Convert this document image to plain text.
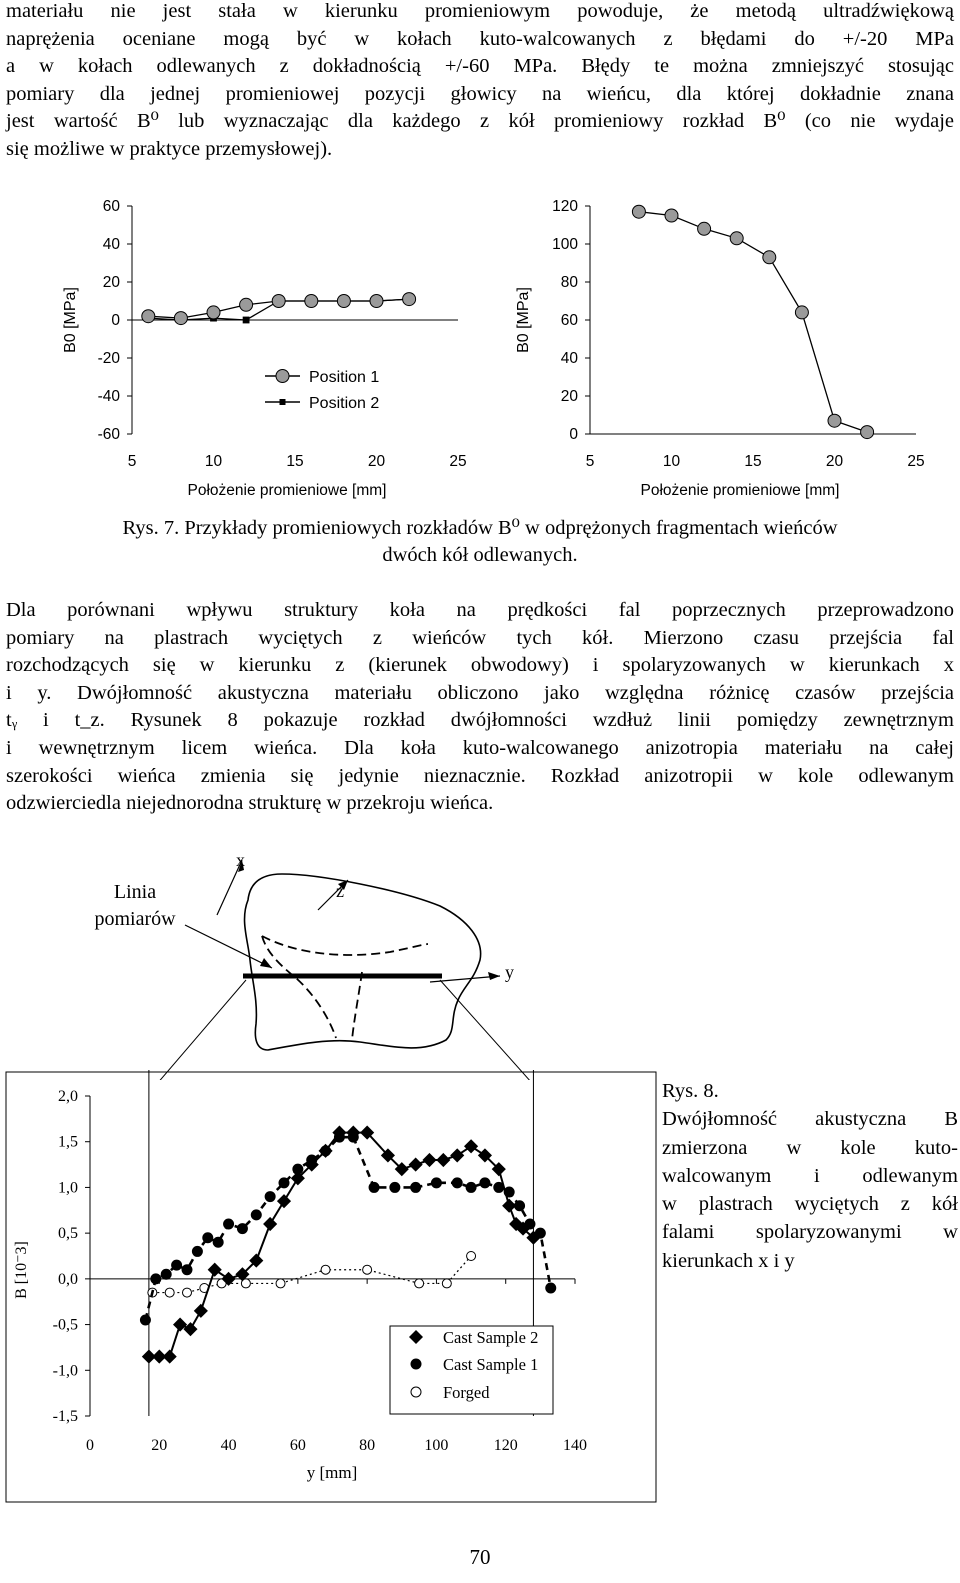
materiału nie jest stała w kierunku promieniowym powoduje, że metodą ultradźwiękową
naprężenia oceniane mogą być w kołach kuto-walcowanych z błędami do +/-20 MPa
a w kołach odlewanych z dokładnością +/-60 MPa. Błędy te można zmniejszyć stosując
pomiary dla jednej promieniowej pozycji głowicy na wieńcu, dla której dokładnie znana
jest wartość B⁰ lub wyznaczając dla każdego z kół promieniowy rozkład B⁰ (co nie wydaje
się możliwe w praktyce przemysłowej).
60
40
20
0
-20
-40
-60
5	10	15	20	25
B0 [MPa]
Położenie promieniowe [mm]
Position 1
Position 2
120
100
80
60
40
20
0
5	10	15	20	25
B0 [MPa]
Położenie promieniowe [mm]
Rys. 7. Przykłady promieniowych rozkładów B⁰ w odprężonych fragmentach wieńców
dwóch kół odlewanych.
Dla porównani wpływu struktury koła na prędkości fal poprzecznych przeprowadzono
pomiary na plastrach wyciętych z wieńców tych kół. Mierzono czasu przejścia fal
rozchodzących się w kierunku z (kierunek obwodowy) i spolaryzowanych w kierunkach x
i y. Dwójłomność akustyczna materiału obliczono jako względna różnicę czasów przejścia
tᵧ i t_z. Rysunek 8 pokazuje rozkład dwójłomności wzdłuż linii pomiędzy zewnętrznym
i wewnętrznym licem wieńca. Dla koła kuto-walcowanego anizotropia materiału na całej
szerokości wieńca zmienia się jedynie nieznacznie. Rozkład anizotropii w kole odlewanym
odzwierciedla niejednorodna strukturę w przekroju wieńca.
Linia
pomiarów
x
z
y
2,0
1,5
1,0
0,5
0,0
-0,5
-1,0
-1,5
0	20	40	60	80	100	120	140
B [10⁻3]
y [mm]
Cast Sample 2
Cast Sample 1
Forged
Rys. 8.
Dwójłomność akustyczna B
zmierzona w kole kuto-
walcowanym i odlewanym
w plastrach wyciętych z kół
falami spolaryzowanymi w
kierunkach x i y
70
